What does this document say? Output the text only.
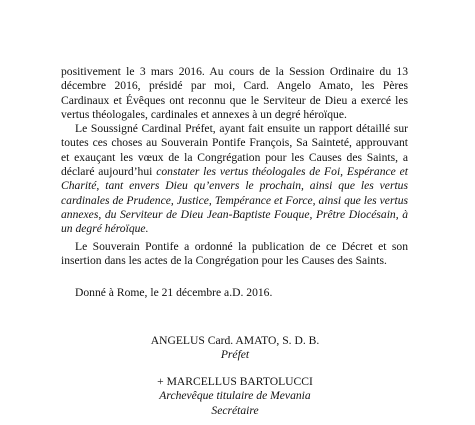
positivement le 3 mars 2016. Au cours de la Session Ordinaire du 13 décembre 2016, présidé par moi, Card. Angelo Amato, les Pères Cardinaux et Évêques ont reconnu que le Serviteur de Dieu a exercé les vertus théologales, cardinales et annexes à un degré héroïque.

Le Soussigné Cardinal Préfet, ayant fait ensuite un rapport détaillé sur toutes ces choses au Souverain Pontife François, Sa Sainteté, approuvant et exauçant les vœux de la Congrégation pour les Causes des Saints, a déclaré aujourd’hui constater les vertus théologales de Foi, Espérance et Charité, tant envers Dieu qu’envers le prochain, ainsi que les vertus cardinales de Prudence, Justice, Tempérance et Force, ainsi que les vertus annexes, du Serviteur de Dieu Jean-Baptiste Fouque, Prêtre Diocésain, à un degré héroïque.

Le Souverain Pontife a ordonné la publication de ce Décret et son insertion dans les actes de la Congrégation pour les Causes des Saints.

Donné à Rome, le 21 décembre a.D. 2016.

ANGELUS Card. AMATO, S. D. B.
Préfet
+ MARCELLUS BARTOLUCCI
Archevêque titulaire de Mevania
Secrétaire
